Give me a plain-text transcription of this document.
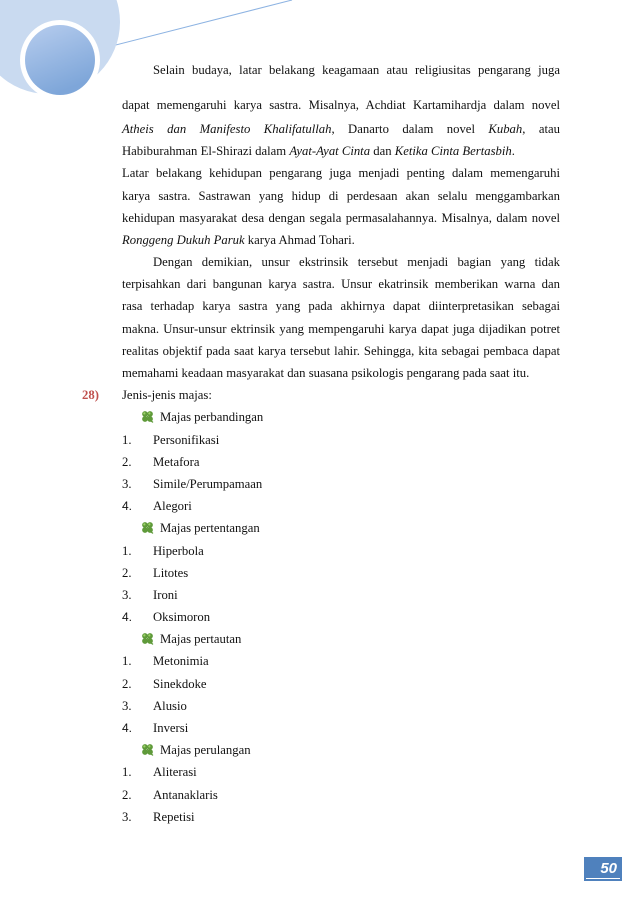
Selain budaya, latar belakang keagamaan atau religiusitas pengarang juga
dapat memengaruhi karya sastra. Misalnya, Achdiat Kartamihardja dalam novel
Atheis dan Manifesto Khalifatullah, Danarto dalam novel Kubah, atau
Habiburahman El-Shirazi dalam Ayat-Ayat Cinta dan Ketika Cinta Bertasbih.
Latar belakang kehidupan pengarang juga menjadi penting dalam memengaruhi
karya sastra. Sastrawan yang hidup di perdesaan akan selalu menggambarkan
kehidupan masyarakat desa dengan segala permasalahannya. Misalnya, dalam novel
Ronggeng Dukuh Paruk karya Ahmad Tohari.
Dengan demikian, unsur ekstrinsik tersebut menjadi bagian yang tidak
terpisahkan dari bangunan karya sastra. Unsur ekatrinsik memberikan warna dan
rasa terhadap karya sastra yang pada akhirnya dapat diinterpretasikan sebagai
makna. Unsur-unsur ektrinsik yang mempengaruhi karya dapat juga dijadikan potret
realitas objektif pada saat karya tersebut lahir. Sehingga, kita sebagai pembaca dapat
memahami keadaan masyarakat dan suasana psikologis pengarang pada saat itu.
28) Jenis-jenis majas:
Majas perbandingan
1. Personifikasi
2. Metafora
3. Simile/Perumpamaan
4. Alegori
Majas pertentangan
1. Hiperbola
2. Litotes
3. Ironi
4. Oksimoron
Majas pertautan
1. Metonimia
2. Sinekdoke
3. Alusio
4. Inversi
Majas perulangan
1. Aliterasi
2. Antanaklaris
3. Repetisi
50
